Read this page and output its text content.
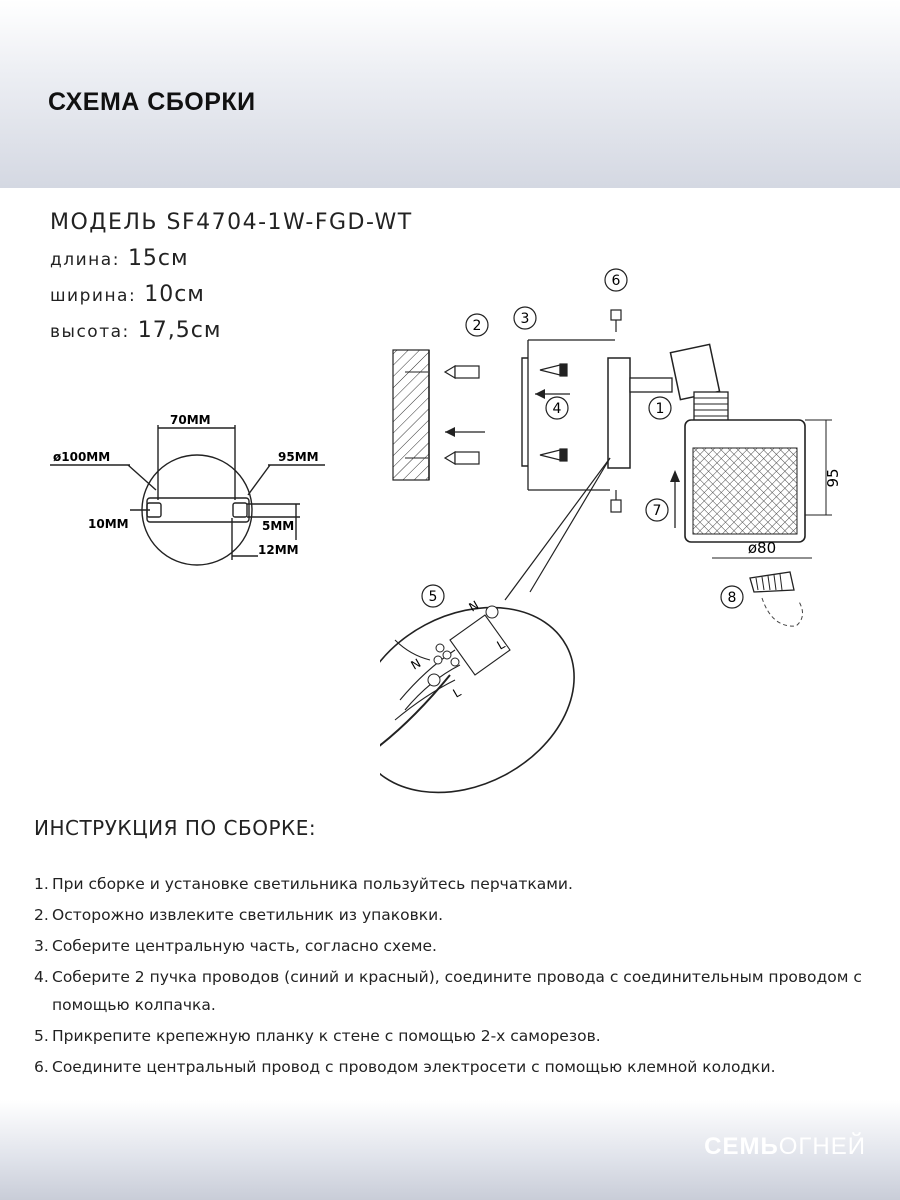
СХЕМА СБОРКИ
МОДЕЛЬ SF4704-1W-FGD-WT
длина: 15см
ширина: 10см
высота: 17,5см
70MM
ø100MM	95MM
10MM	5MM
12MM
95
ø80
N
N
L
L
1
2	3
4
5
6
7
8
ИНСТРУКЦИЯ ПО СБОРКЕ:
1. При сборке и установке светильника пользуйтесь перчатками.
2. Осторожно извлеките светильник из упаковки.
3. Соберите центральную часть, согласно схеме.
4. Соберите 2 пучка проводов (синий и красный), соедините провода с соединительным проводом с помощью колпачка.
5. Прикрепите крепежную планку к стене с помощью 2-х саморезов.
6. Соедините центральный провод с проводом электросети с помощью клемной колодки.
СЕМЬОГНЕЙ
